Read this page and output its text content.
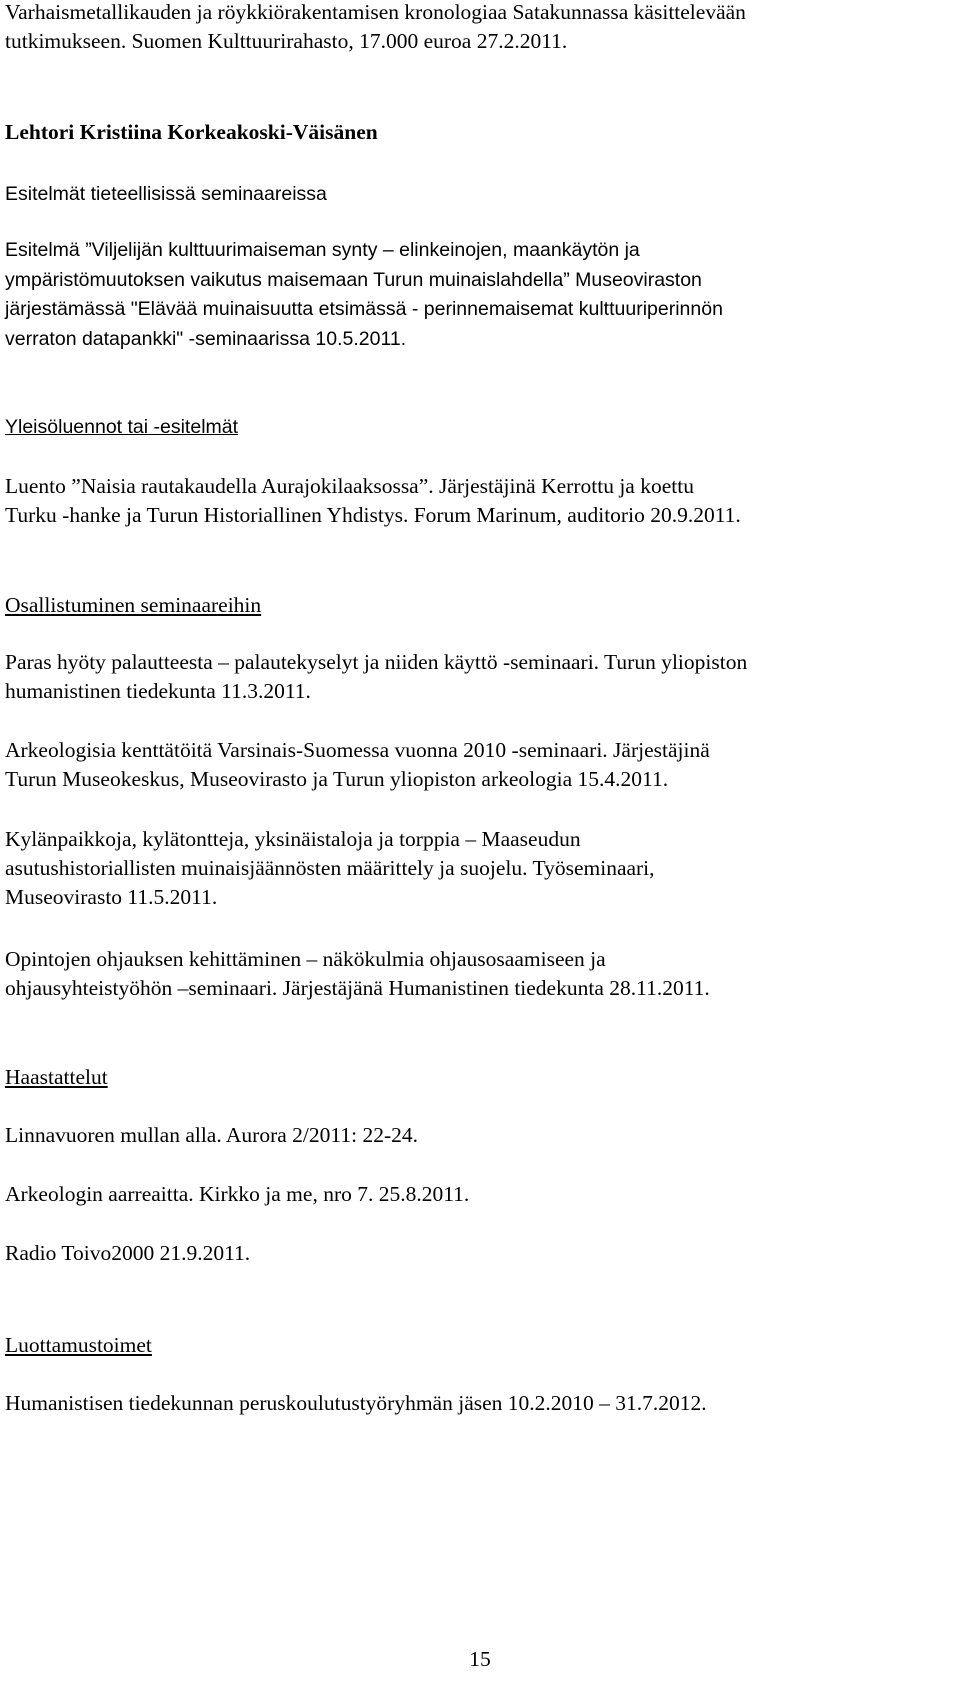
Varhaismetallikauden ja röykkiörakentamisen kronologiaa Satakunnassa käsittelevään
tutkimukseen. Suomen Kulttuurirahasto, 17.000 euroa 27.2.2011.

Lehtori Kristiina Korkeakoski-Väisänen
Esitelmät tieteellisissä seminaareissa

Esitelmä ”Viljelijän kulttuurimaiseman synty – elinkeinojen, maankäytön ja
ympäristömuutoksen vaikutus maisemaan Turun muinaislahdella” Museoviraston
järjestämässä "Elävää muinaisuutta etsimässä - perinnemaisemat kulttuuriperinnön
verraton datapankki" -seminaarissa 10.5.2011.

Yleisöluennot tai -esitelmät

Luento ”Naisia rautakaudella Aurajokilaaksossa”. Järjestäjinä Kerrottu ja koettu
Turku -hanke ja Turun Historiallinen Yhdistys. Forum Marinum, auditorio 20.9.2011.

Osallistuminen seminaareihin

Paras hyöty palautteesta – palautekyselyt ja niiden käyttö -seminaari. Turun yliopiston
humanistinen tiedekunta 11.3.2011.

Arkeologisia kenttätöitä Varsinais-Suomessa vuonna 2010 -seminaari. Järjestäjinä
Turun Museokeskus, Museovirasto ja Turun yliopiston arkeologia 15.4.2011.

Kylänpaikkoja, kylätontteja, yksinäistaloja ja torppia – Maaseudun
asutushistoriallisten muinaisjäännösten määrittely ja suojelu. Työseminaari,
Museovirasto 11.5.2011.

Opintojen ohjauksen kehittäminen – näkökulmia ohjausosaamiseen ja
ohjausyhteistyöhön –seminaari. Järjestäjänä Humanistinen tiedekunta 28.11.2011.

Haastattelut

Linnavuoren mullan alla. Aurora 2/2011: 22-24.

Arkeologin aarreaitta. Kirkko ja me, nro 7. 25.8.2011.

Radio Toivo2000 21.9.2011.

Luottamustoimet

Humanistisen tiedekunnan peruskoulutustyöryhmän jäsen 10.2.2010 – 31.7.2012.

15
